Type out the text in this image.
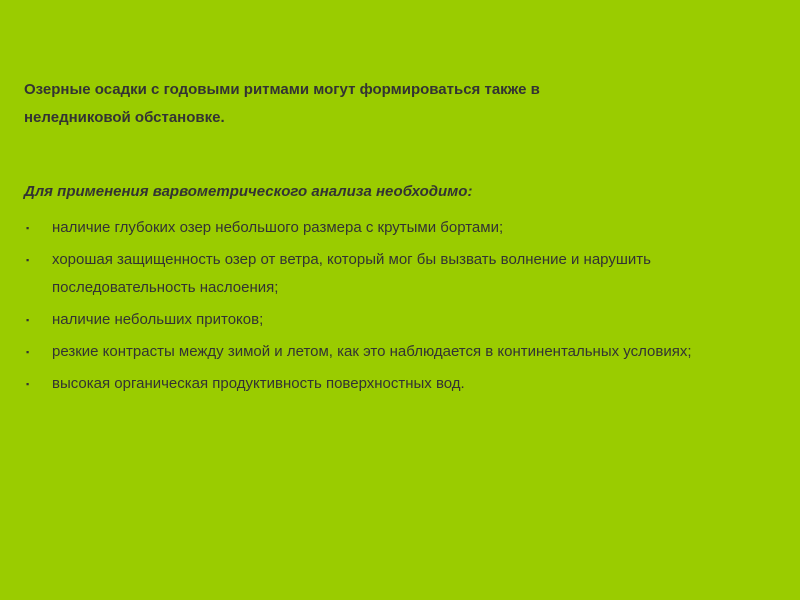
Озерные осадки с годовыми ритмами могут формироваться также в
неледниковой обстановке.

Для применения варвометрического анализа необходимо:

▪ наличие глубоких озер небольшого размера с крутыми бортами;
▪ хорошая защищенность озер от ветра, который мог бы вызвать волнение и нарушить последовательность наслоения;
▪ наличие небольших притоков;
▪ резкие контрасты между зимой и летом, как это наблюдается в континентальных условиях;
▪ высокая органическая продуктивность поверхностных вод.
